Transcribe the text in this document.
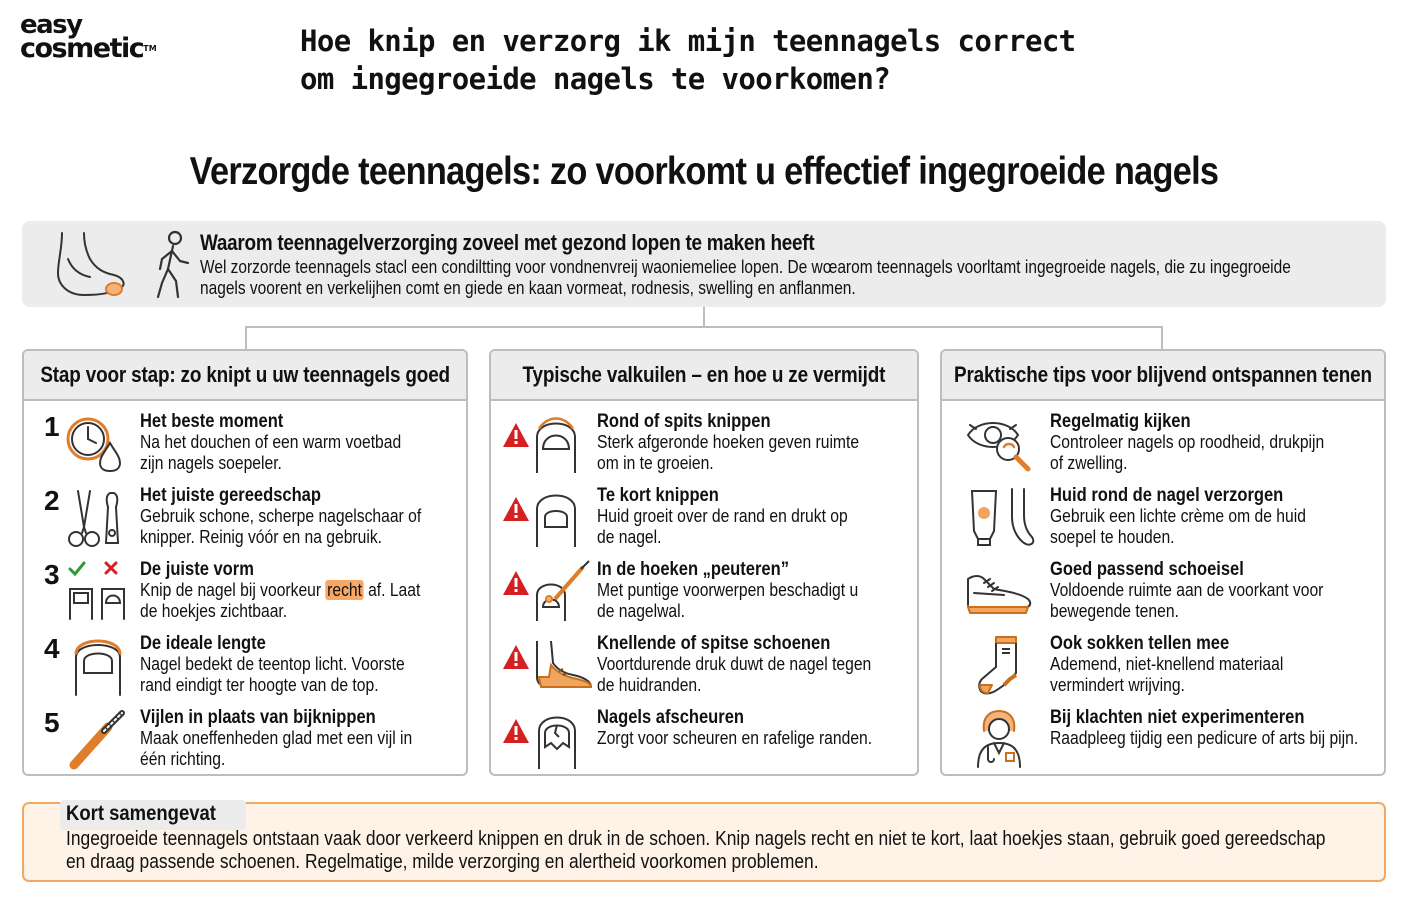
easy
cosmetic™	Hoe knip en verzorg ik mijn teennagels correct om ingegroeide nagels te voorkomen?
Verzorgde teennagels: zo voorkomt u effectief ingegroeide nagels
Waarom teennagelverzorging zoveel met gezond lopen te maken heeft

Wel zorzorde teennagels stacl een condiltting voor vondnenvreij waoniemeliee lopen. De wœarom teennagels voorltamt ingegroeide nagels, die zu ingegroeide nagels voorent en verkelijhen comt en giede en kaan vormeat, rodnesis, swelling en anflanmen.

Stap voor stap: zo knipt u uw teennagels goed
1	Het beste moment
Na het douchen of een warm voetbad
zijn nagels soepeler.
2	Het juiste gereedschap
Gebruik schone, scherpe nagelschaar of
knipper. Reinig vóór en na gebruik.
3	De juiste vorm
Knip de nagel bij voorkeur recht af. Laat
de hoekjes zichtbaar.
4	De ideale lengte
Nagel bedekt de teentop licht. Voorste
rand eindigt ter hoogte van de top.
5	Vijlen in plaats van bijknippen
Maak oneffenheden glad met een vijl in
één richting.
Typische valkuilen – en hoe u ze vermijdt
Rond of spits knippen
Sterk afgeronde hoeken geven ruimte
om in te groeien.
Te kort knippen
Huid groeit over de rand en drukt op
de nagel.
In de hoeken „peuteren”
Met puntige voorwerpen beschadigt u
de nagelwal.
Knellende of spitse schoenen
Voortdurende druk duwt de nagel tegen
de huidranden.
Nagels afscheuren
Zorgt voor scheuren en rafelige randen.
Praktische tips voor blijvend ontspannen tenen
Regelmatig kijken
Controleer nagels op roodheid, drukpijn
of zwelling.
Huid rond de nagel verzorgen
Gebruik een lichte crème om de huid
soepel te houden.
Goed passend schoeisel
Voldoende ruimte aan de voorkant voor
bewegende tenen.
Ook sokken tellen mee
Ademend, niet-knellend materiaal
vermindert wrijving.
Bij klachten niet experimenteren
Raadpleeg tijdig een pedicure of arts bij pijn.
Kort samengevat

Ingegroeide teennagels ontstaan vaak door verkeerd knippen en druk in de schoen. Knip nagels recht en niet te kort, laat hoekjes staan, gebruik goed gereedschap en draag passende schoenen. Regelmatige, milde verzorging en alertheid voorkomen problemen.
